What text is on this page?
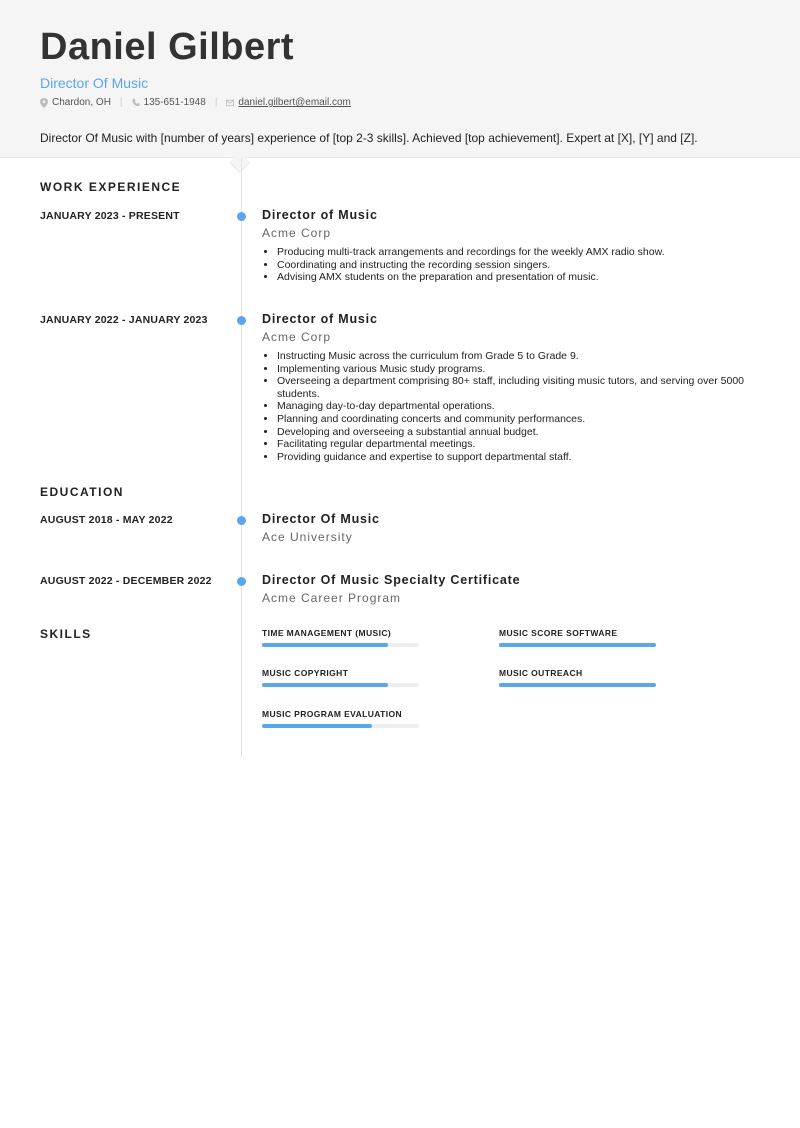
Daniel Gilbert
Director Of Music
Chardon, OH | 135-651-1948 | daniel.gilbert@email.com
Director Of Music with [number of years] experience of [top 2-3 skills]. Achieved [top achievement]. Expert at [X], [Y] and [Z].
WORK EXPERIENCE
JANUARY 2023 - PRESENT	Director of Music
Acme Corp
• Producing multi-track arrangements and recordings for the weekly AMX radio show.
• Coordinating and instructing the recording session singers.
• Advising AMX students on the preparation and presentation of music.
JANUARY 2022 - JANUARY 2023	Director of Music
Acme Corp
• Instructing Music across the curriculum from Grade 5 to Grade 9.
• Implementing various Music study programs.
• Overseeing a department comprising 80+ staff, including visiting music tutors, and serving over 5000 students.
• Managing day-to-day departmental operations.
• Planning and coordinating concerts and community performances.
• Developing and overseeing a substantial annual budget.
• Facilitating regular departmental meetings.
• Providing guidance and expertise to support departmental staff.
EDUCATION
AUGUST 2018 - MAY 2022	Director Of Music
Ace University
AUGUST 2022 - DECEMBER 2022	Director Of Music Specialty Certificate
Acme Career Program
SKILLS	TIME MANAGEMENT (MUSIC)	MUSIC SCORE SOFTWARE
MUSIC COPYRIGHT	MUSIC OUTREACH
MUSIC PROGRAM EVALUATION
